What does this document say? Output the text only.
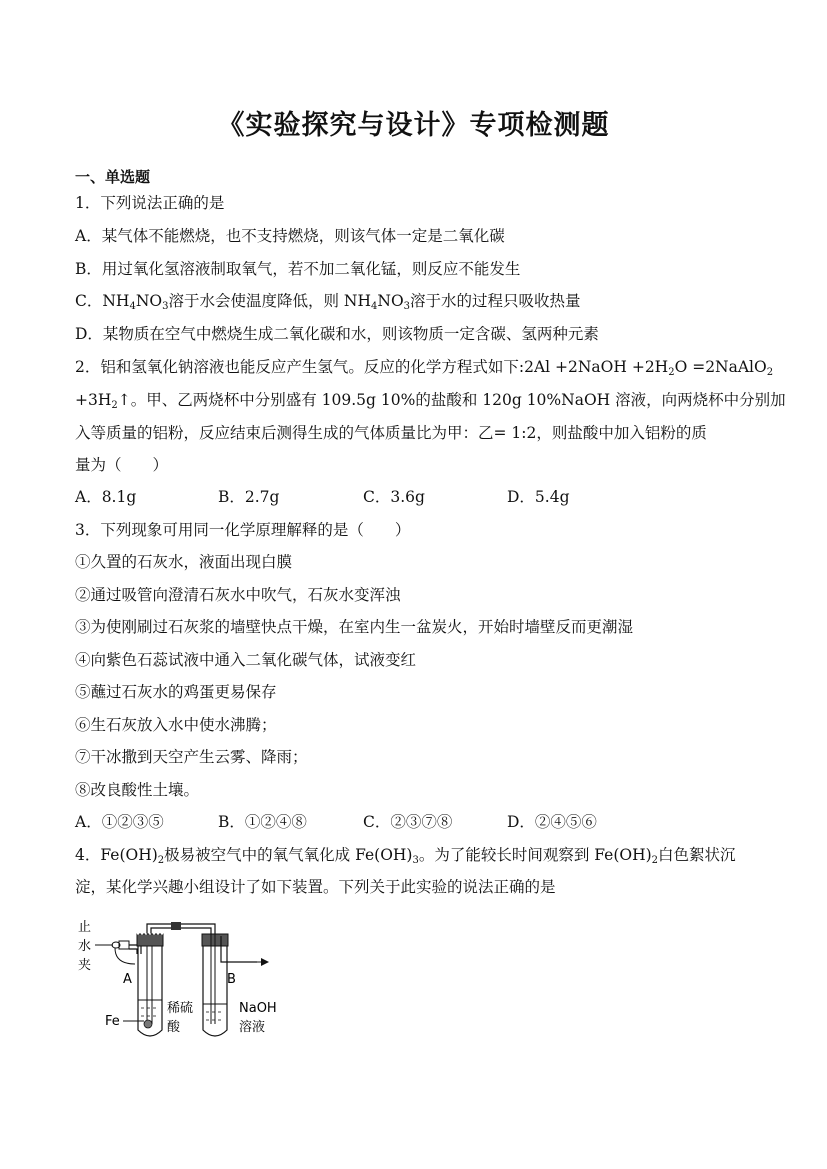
《实验探究与设计》专项检测题
一、单选题
1．下列说法正确的是
A．某气体不能燃烧，也不支持燃烧，则该气体一定是二氧化碳
B．用过氧化氢溶液制取氧气，若不加二氧化锰，则反应不能发生
C．$NH_4NO_3$溶于水会使温度降低，则 $NH_4NO_3$溶于水的过程只吸收热量
D．某物质在空气中燃烧生成二氧化碳和水，则该物质一定含碳、氢两种元素
2．铝和氢氧化钠溶液也能反应产生氢气。反应的化学方程式如下:2Al +2NaOH $+2H_2O$ =2NaAlO$_2$
$+3H_2↑$。甲、乙两烧杯中分别盛有 109.5g 10%的盐酸和 120g 10%NaOH 溶液，向两烧杯中分别加
入等质量的铝粉，反应结束后测得生成的气体质量比为甲：乙= 1:2，则盐酸中加入铝粉的质
量为（　　）
A．8.1g	B．2.7g	C．3.6g	D．5.4g
3．下列现象可用同一化学原理解释的是（　　）
①久置的石灰水，液面出现白膜
②通过吸管向澄清石灰水中吹气，石灰水变浑浊
③为使刚刷过石灰浆的墙壁快点干燥，在室内生一盆炭火，开始时墙壁反而更潮湿
④向紫色石蕊试液中通入二氧化碳气体，试液变红
⑤蘸过石灰水的鸡蛋更易保存
⑥生石灰放入水中使水沸腾；
⑦干冰撒到天空产生云雾、降雨；
⑧改良酸性土壤。
A．①②③⑤	B．①②④⑧	C．②③⑦⑧	D．②④⑤⑥
4．$Fe(OH)_2$极易被空气中的氧气氧化成 $Fe(OH)_3$。为了能较长时间观察到 $Fe(OH)_2$白色絮状沉
淀，某化学兴趣小组设计了如下装置。下列关于此实验的说法正确的是
止
水
夹
A	B
Fe
稀硫
酸
NaOH
溶液
